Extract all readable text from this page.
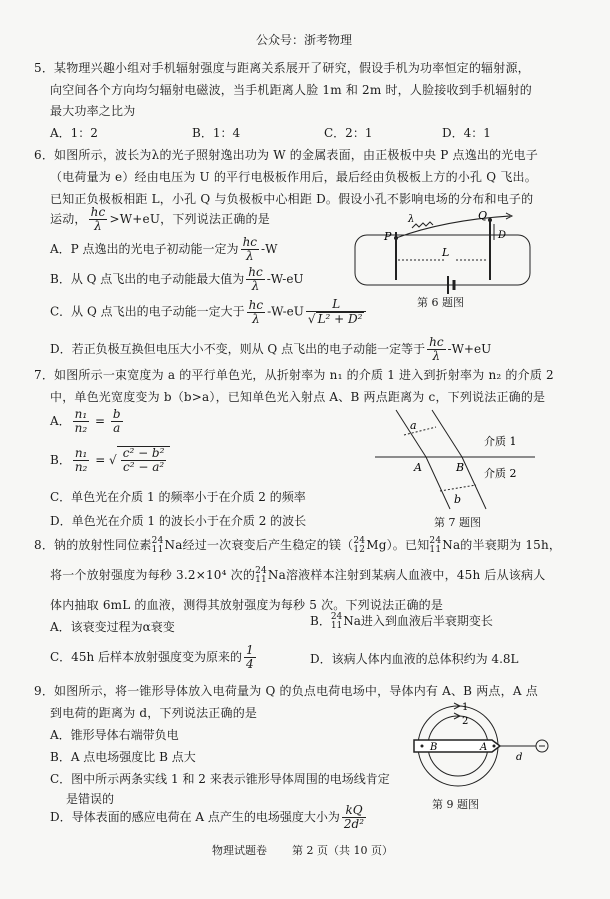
公众号：浙考物理
5．某物理兴趣小组对手机辐射强度与距离关系展开了研究，假设手机为功率恒定的辐射源，
向空间各个方向均匀辐射电磁波，当手机距离人脸 1m 和 2m 时，人脸接收到手机辐射的
最大功率之比为
A．1：2	B．1：4	C．2：1	D．4：1
6．如图所示，波长为λ的光子照射逸出功为 W 的金属表面，由正极板中央 P 点逸出的光电子
（电荷量为 e）经由电压为 U 的平行电极板作用后，最后经由负极板上方的小孔 Q 飞出。
已知正负极板相距 L，小孔 Q 与负极板中心相距 D。假设小孔不影响电场的分布和电子的
运动， $\frac{hc}{\lambda} >W+eU$，下列说法正确的是
A．P 点逸出的光电子初动能一定为 $\frac{hc}{\lambda} -W$
B．从 Q 点飞出的电子动能最大值为 $\frac{hc}{\lambda} -W-eU$
C．从 Q 点飞出的电子动能一定大于 $\frac{hc}{\lambda} -W-eU \frac{L}{\text{√ L² + D²}}$
D．若正负极互换但电压大小不变，则从 Q 点飞出的电子动能一定等于 $\frac{hc}{\lambda} -W+eU$
P
Q
D
L
λ
第 6 题图
7．如图所示一束宽度为 a 的平行单色光，从折射率为 n₁ 的介质 1 进入到折射率为 n₂ 的介质 2
中，单色光宽度变为 b（b>a），已知单色光入射点 A、B 两点距离为 c，下列说法正确的是
A． $\frac{\text{n₁}}{\text{n₂}} = \frac{b}{a}$
B． $\frac{\text{n₁}}{\text{n₂}}$ = √ $\frac{\text{c² − b²}}{\text{c² − a²}}$
C．单色光在介质 1 的频率小于在介质 2 的频率
D．单色光在介质 1 的波长小于在介质 2 的波长
a
b
A	B
介质 1
介质 2
第 7 题图
8．钠的放射性同位素 24
11 Na经过一次衰变后产生稳定的镁（ 24
12 Mg）。已知 24
11 Na的半衰期为 15h，
将一个放射强度为每秒 3.2×10⁴ 次的 24
11 Na溶液样本注射到某病人血液中，45h 后从该病人
体内抽取 6mL 的血液，测得其放射强度为每秒 5 次。下列说法正确的是
A．该衰变过程为α衰变	B． 24
11 Na进入到血液后半衰期变长
C．45h 后样本放射强度变为原来的 $\frac{1}{4}$	D．该病人体内血液的总体积约为 4.8L
9．如图所示，将一锥形导体放入电荷量为 Q 的负点电荷电场中，导体内有 A、B 两点，A 点
到电荷的距离为 d，下列说法正确的是
A．锥形导体右端带负电
B．A 点电场强度比 B 点大
C．图中所示两条实线 1 和 2 来表示锥形导体周围的电场线肯定
是错误的
D．导体表面的感应电荷在 A 点产生的电场强度大小为 $\frac{kQ}{\text{2d²}}$
1
2
B	A
d
第 9 题图
物理试题卷 第 2 页（共 10 页）
